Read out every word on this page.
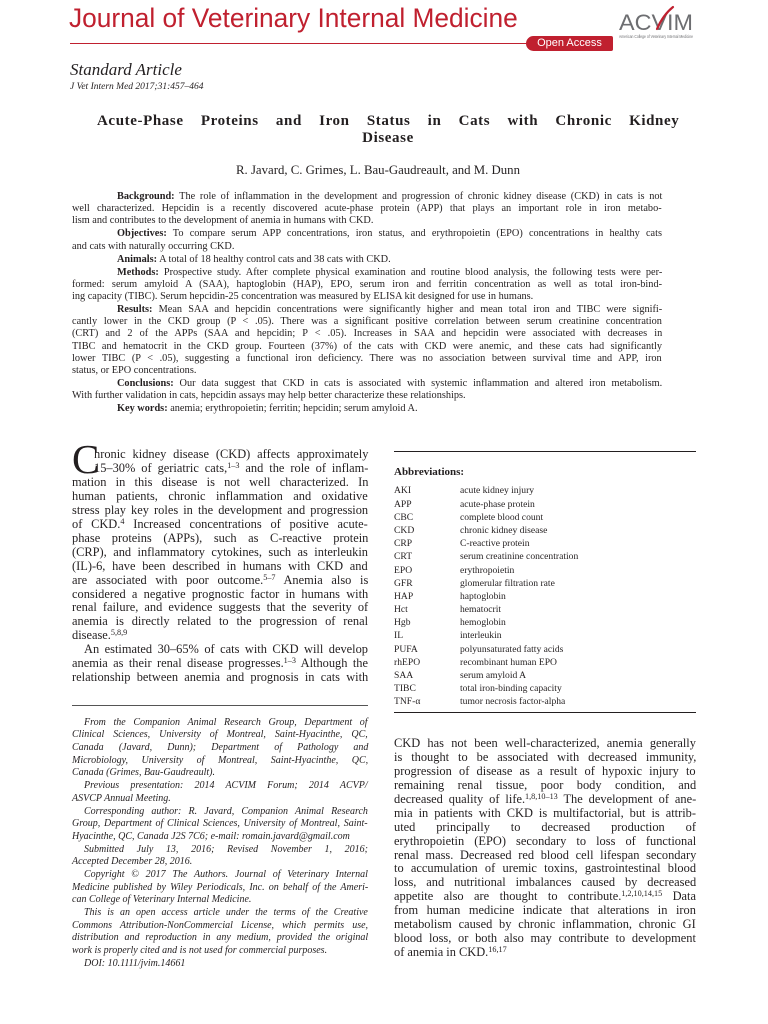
Journal of Veterinary Internal Medicine
Open Access
ACVIM
American College of Veterinary Internal Medicine
Standard Article
J Vet Intern Med 2017;31:457–464
Acute-Phase Proteins and Iron Status in Cats with Chronic Kidney
Disease
R. Javard, C. Grimes, L. Bau-Gaudreault, and M. Dunn
Background: The role of inflammation in the development and progression of chronic kidney disease (CKD) in cats is not
well characterized. Hepcidin is a recently discovered acute-phase protein (APP) that plays an important role in iron metabo-
lism and contributes to the development of anemia in humans with CKD.
Objectives: To compare serum APP concentrations, iron status, and erythropoietin (EPO) concentrations in healthy cats
and cats with naturally occurring CKD.
Animals: A total of 18 healthy control cats and 38 cats with CKD.
Methods: Prospective study. After complete physical examination and routine blood analysis, the following tests were per-
formed: serum amyloid A (SAA), haptoglobin (HAP), EPO, serum iron and ferritin concentration as well as total iron-bind-
ing capacity (TIBC). Serum hepcidin-25 concentration was measured by ELISA kit designed for use in humans.
Results: Mean SAA and hepcidin concentrations were significantly higher and mean total iron and TIBC were signifi-
cantly lower in the CKD group (P < .05). There was a significant positive correlation between serum creatinine concentration
(CRT) and 2 of the APPs (SAA and hepcidin; P < .05). Increases in SAA and hepcidin were associated with decreases in
TIBC and hematocrit in the CKD group. Fourteen (37%) of the cats with CKD were anemic, and these cats had significantly
lower TIBC (P < .05), suggesting a functional iron deficiency. There was no association between survival time and APP, iron
status, or EPO concentrations.
Conclusions: Our data suggest that CKD in cats is associated with systemic inflammation and altered iron metabolism.
With further validation in cats, hepcidin assays may help better characterize these relationships.
Key words: anemia; erythropoietin; ferritin; hepcidin; serum amyloid A.
C
hronic kidney disease (CKD) affects approximately
15–30% of geriatric cats,$^{1-3}$ and the role of inflam-
mation in this disease is not well characterized. In
human patients, chronic inflammation and oxidative
stress play key roles in the development and progression
of CKD.$^4$ Increased concentrations of positive acute-
phase proteins (APPs), such as C-reactive protein
(CRP), and inflammatory cytokines, such as interleukin
(IL)-6, have been described in humans with CKD and
are associated with poor outcome.$^{5-7}$ Anemia also is
considered a negative prognostic factor in humans with
renal failure, and evidence suggests that the severity of
anemia is directly related to the progression of renal
disease.$^{5,8,9}$
An estimated 30–65% of cats with CKD will develop
anemia as their renal disease progresses.$^{1-3}$ Although the
relationship between anemia and prognosis in cats with
From the Companion Animal Research Group, Department of
Clinical Sciences, University of Montreal, Saint-Hyacinthe, QC,
Canada (Javard, Dunn); Department of Pathology and
Microbiology, University of Montreal, Saint-Hyacinthe, QC,
Canada (Grimes, Bau-Gaudreault).
Previous presentation: 2014 ACVIM Forum; 2014 ACVP/
ASVCP Annual Meeting.
Corresponding author: R. Javard, Companion Animal Research
Group, Department of Clinical Sciences, University of Montreal, Saint-
Hyacinthe, QC, Canada J2S 7C6; e-mail: romain.javard@gmail.com
Submitted July 13, 2016; Revised November 1, 2016;
Accepted December 28, 2016.
Copyright © 2017 The Authors. Journal of Veterinary Internal
Medicine published by Wiley Periodicals, Inc. on behalf of the Ameri-
can College of Veterinary Internal Medicine.
This is an open access article under the terms of the Creative
Commons Attribution-NonCommercial License, which permits use,
distribution and reproduction in any medium, provided the original
work is properly cited and is not used for commercial purposes.
DOI: 10.1111/jvim.14661
Abbreviations:
AKI	acute kidney injury
APP	acute-phase protein
CBC	complete blood count
CKD	chronic kidney disease
CRP	C-reactive protein
CRT	serum creatinine concentration
EPO	erythropoietin
GFR	glomerular filtration rate
HAP	haptoglobin
Hct	hematocrit
Hgb	hemoglobin
IL	interleukin
PUFA	polyunsaturated fatty acids
rhEPO	recombinant human EPO
SAA	serum amyloid A
TIBC	total iron-binding capacity
TNF-α	tumor necrosis factor-alpha
CKD has not been well-characterized, anemia generally
is thought to be associated with decreased immunity,
progression of disease as a result of hypoxic injury to
remaining renal tissue, poor body condition, and
decreased quality of life.$^{1,8,10-13}$ The development of ane-
mia in patients with CKD is multifactorial, but is attrib-
uted principally to decreased production of
erythropoietin (EPO) secondary to loss of functional
renal mass. Decreased red blood cell lifespan secondary
to accumulation of uremic toxins, gastrointestinal blood
loss, and nutritional imbalances caused by decreased
appetite also are thought to contribute.$^{1,2,10,14,15}$ Data
from human medicine indicate that alterations in iron
metabolism caused by chronic inflammation, chronic GI
blood loss, or both also may contribute to development
of anemia in CKD.$^{16,17}$
